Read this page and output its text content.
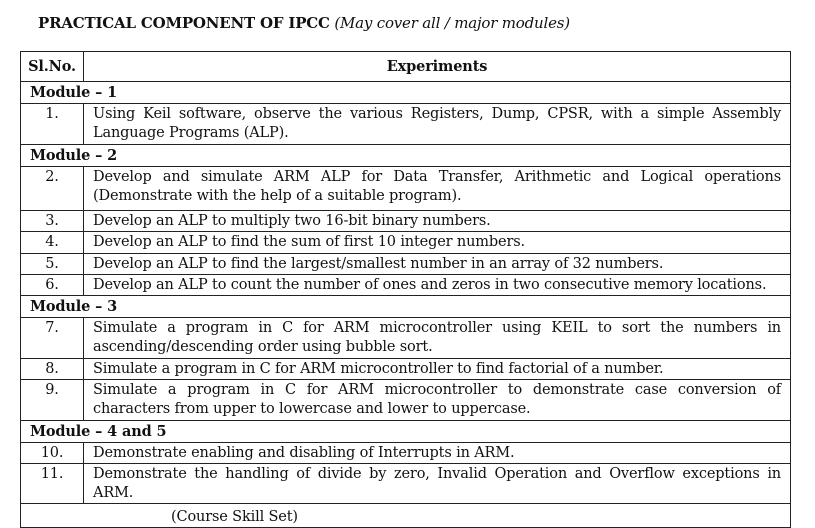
PRACTICAL COMPONENT OF IPCC (May cover all / major modules)
Sl.No.	Experiments
Module – 1	
1.	Using Keil software, observe the various Registers, Dump, CPSR, with a simple Assembly Language Programs (ALP).
Module – 2	
2.	Develop and simulate ARM ALP for Data Transfer, Arithmetic and Logical operations (Demonstrate with the help of a suitable program).
3.	Develop an ALP to multiply two 16-bit binary numbers.
4.	Develop an ALP to find the sum of first 10 integer numbers.
5.	Develop an ALP to find the largest/smallest number in an array of 32 numbers.
6.	Develop an ALP to count the number of ones and zeros in two consecutive memory locations.
Module – 3	
7.	Simulate a program in C for ARM microcontroller using KEIL to sort the numbers in ascending/descending order using bubble sort.
8.	Simulate a program in C for ARM microcontroller to find factorial of a number.
9.	Simulate a program in C for ARM microcontroller to demonstrate case conversion of characters from upper to lowercase and lower to uppercase.
Module – 4 and 5	
10.	Demonstrate enabling and disabling of Interrupts in ARM.
11.	Demonstrate the handling of divide by zero, Invalid Operation and Overflow exceptions in ARM.

(Course Skill Set)	
